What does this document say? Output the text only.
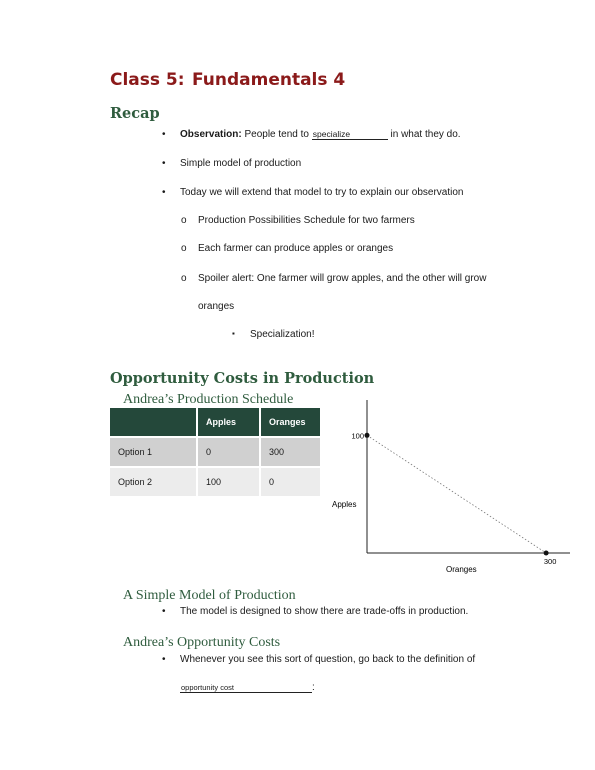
Class 5: Fundamentals 4
Recap
• Observation: People tend to specialize	in what they do.
• Simple model of production
• Today we will extend that model to try to explain our observation
o Production Possibilities Schedule for two farmers
o Each farmer can produce apples or oranges
o Spoiler alert: One farmer will grow apples, and the other will grow
oranges
▪ Specialization!
Opportunity Costs in Production
Andrea’s Production Schedule
	Apples	Oranges
Option 1	0	300
Option 2	100	0
100
300
Apples
Oranges
A Simple Model of Production
• The model is designed to show there are trade-offs in production.
Andrea’s Opportunity Costs
• Whenever you see this sort of question, go back to the definition of
opportunity cost	:
